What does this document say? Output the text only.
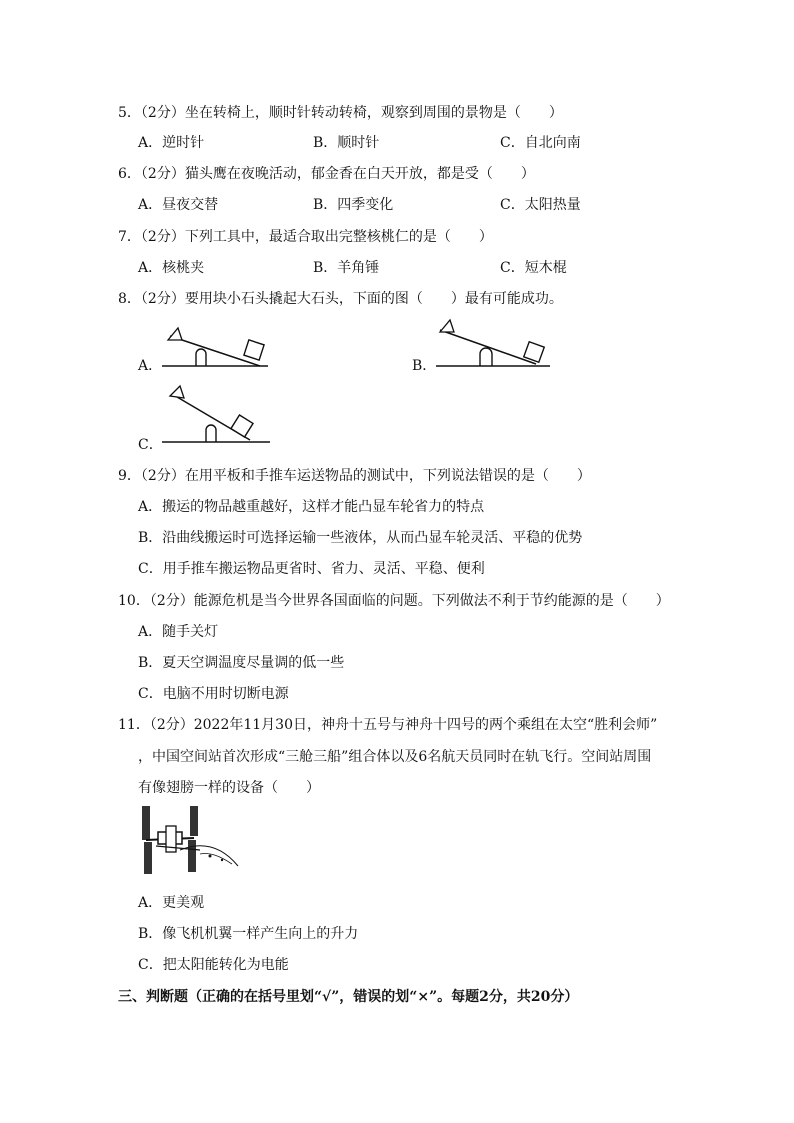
5．（2分）坐在转椅上，顺时针转动转椅，观察到周围的景物是（　　）
A．逆时针	B．顺时针	C．自北向南
6．（2分）猫头鹰在夜晚活动，郁金香在白天开放，都是受（　　）
A．昼夜交替	B．四季变化	C．太阳热量
7．（2分）下列工具中，最适合取出完整核桃仁的是（　　）
A．核桃夹	B．羊角锤	C．短木棍
8．（2分）要用块小石头撬起大石头，下面的图（　　）最有可能成功。
A．	B．
C．
9．（2分）在用平板和手推车运送物品的测试中，下列说法错误的是（　　）
A．搬运的物品越重越好，这样才能凸显车轮省力的特点
B．沿曲线搬运时可选择运输一些液体，从而凸显车轮灵活、平稳的优势
C．用手推车搬运物品更省时、省力、灵活、平稳、便利
10．（2分）能源危机是当今世界各国面临的问题。下列做法不利于节约能源的是（　　）
A．随手关灯
B．夏天空调温度尽量调的低一些
C．电脑不用时切断电源
11．（2分）2022年11月30日，神舟十五号与神舟十四号的两个乘组在太空“胜利会师”
，中国空间站首次形成“三舱三船”组合体以及6名航天员同时在轨飞行。空间站周围
有像翅膀一样的设备（　　）
A．更美观
B．像飞机机翼一样产生向上的升力
C．把太阳能转化为电能
三、判断题（正确的在括号里划“√”，错误的划“×”。每题2分，共20分）
